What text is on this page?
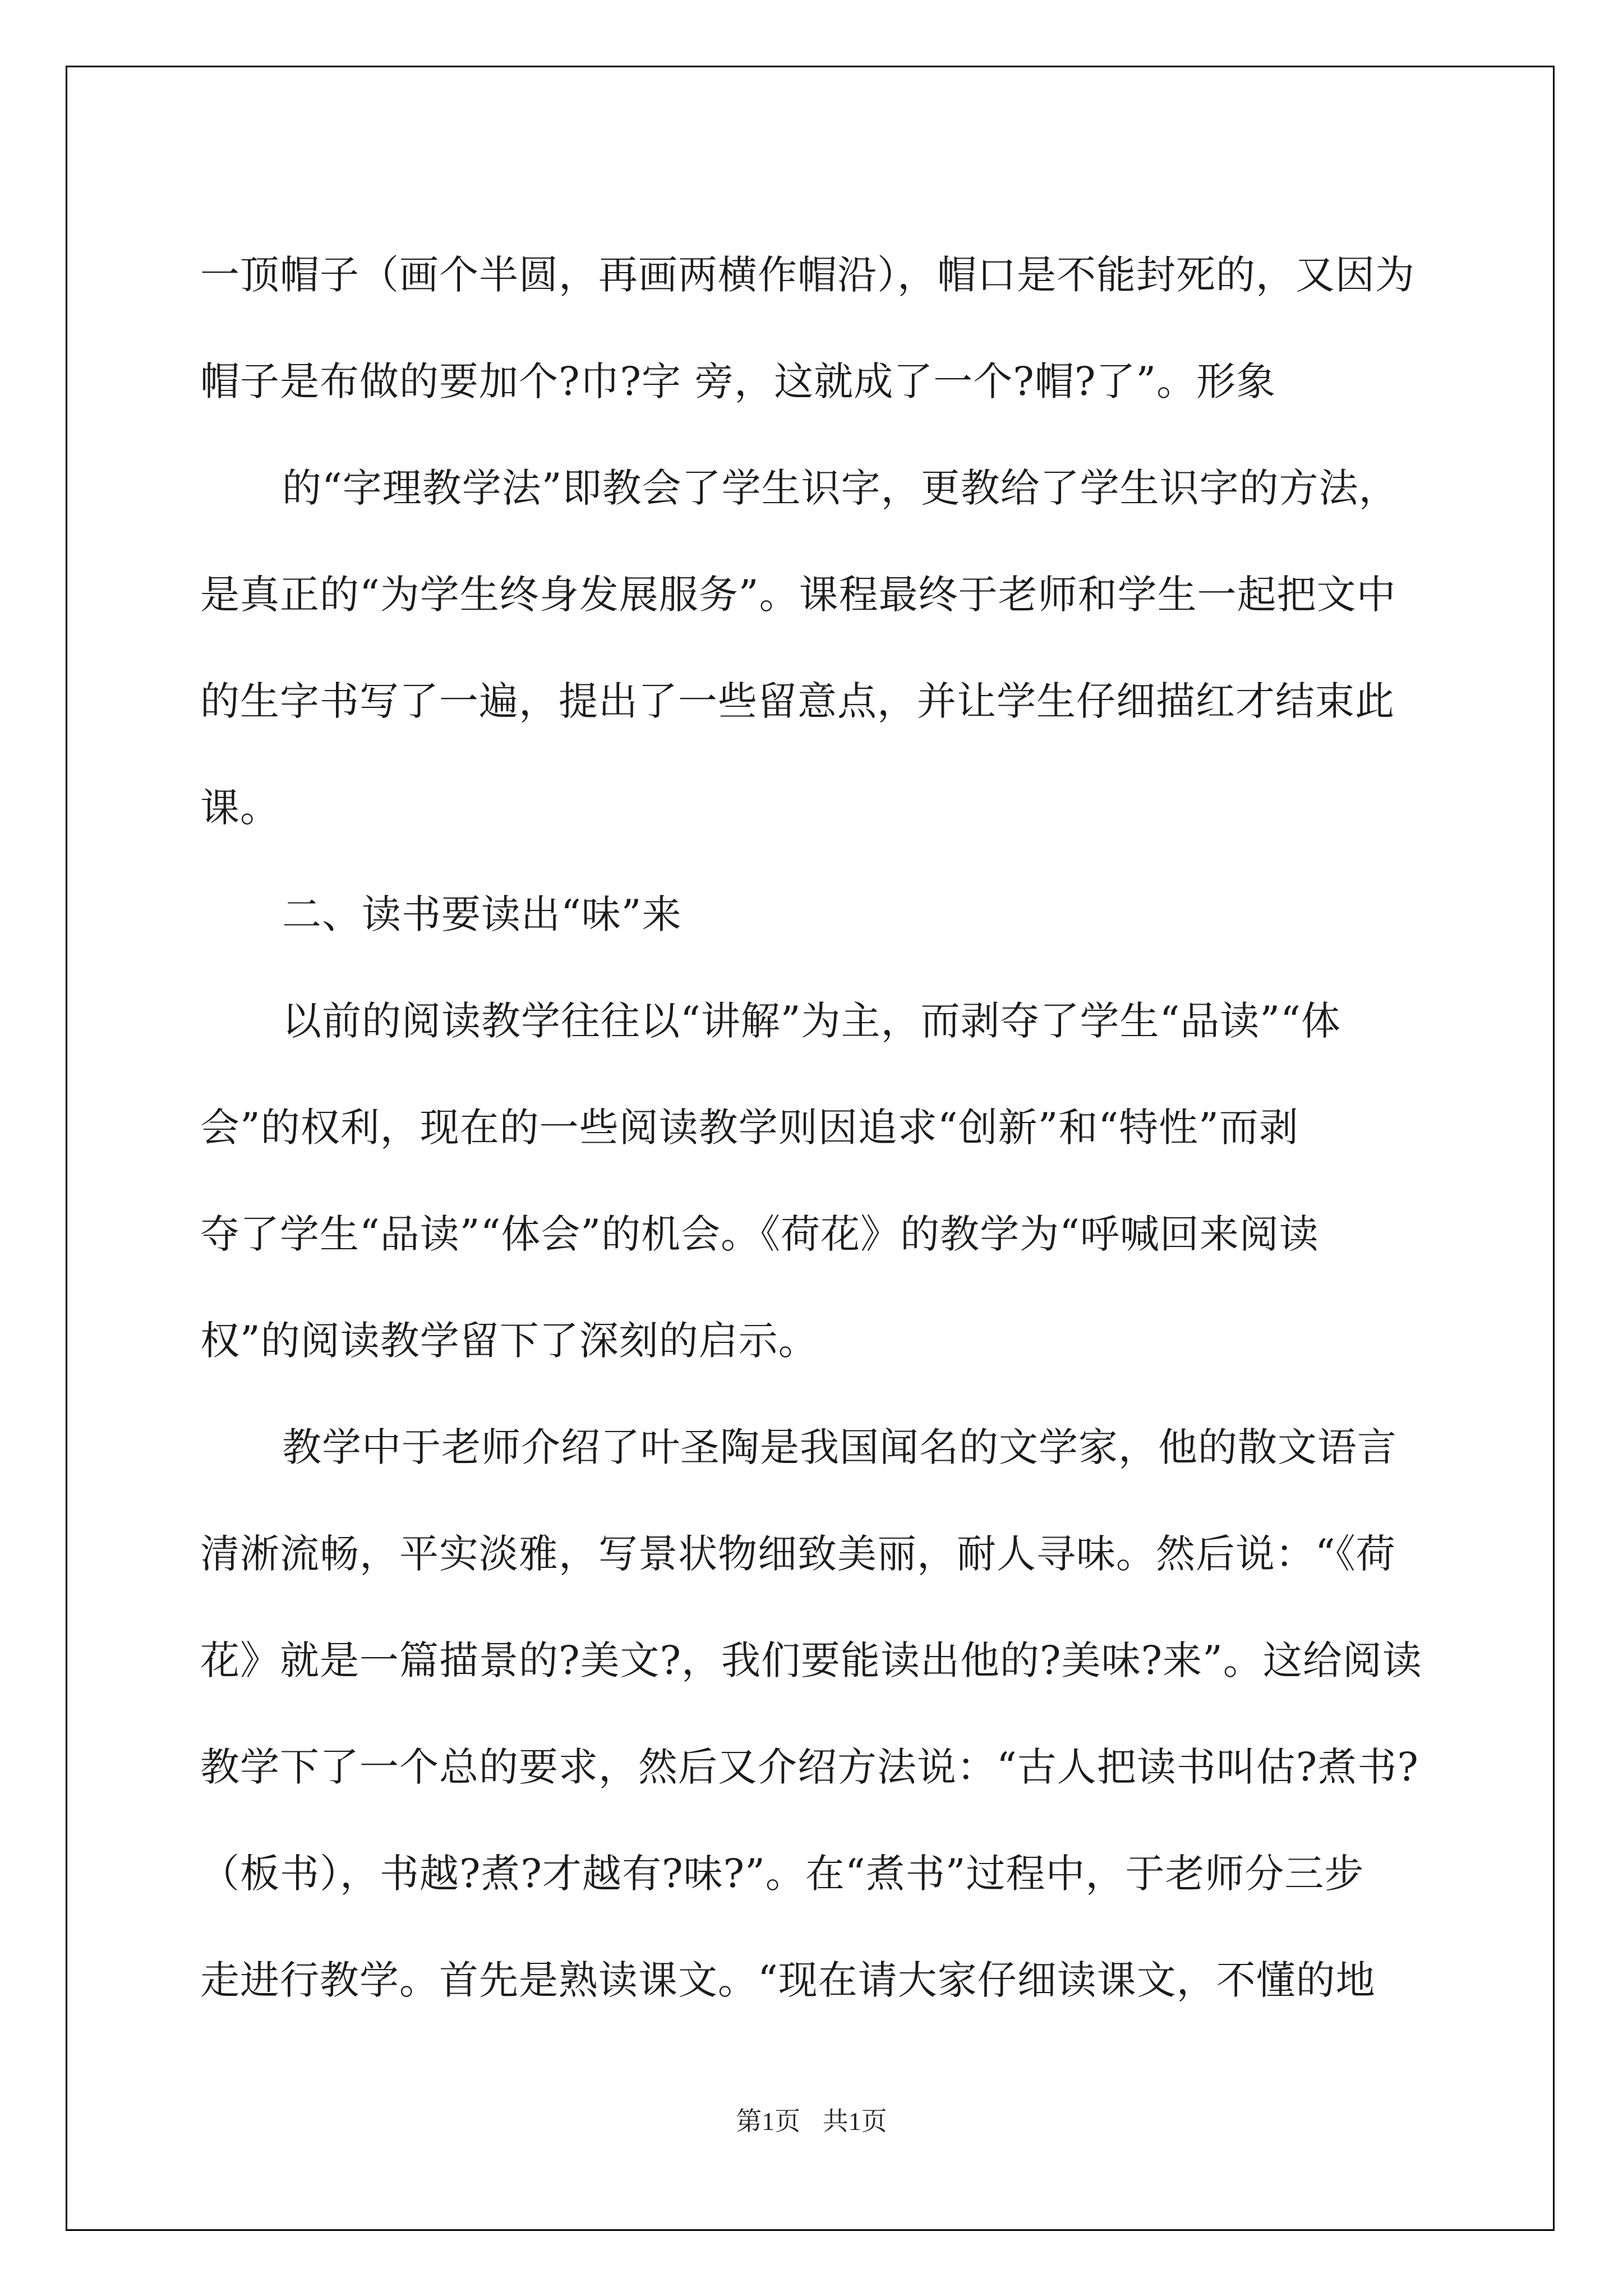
一顶帽子（画个半圆，再画两横作帽沿），帽口是不能封死的，又因为
帽子是布做的要加个?巾?字 旁，这就成了一个?帽?了”。形象
的“字理教学法”即教会了学生识字，更教给了学生识字的方法，
是真正的“为学生终身发展服务”。课程最终于老师和学生一起把文中
的生字书写了一遍，提出了一些留意点，并让学生仔细描红才结束此
课。
二、读书要读出“味”来
以前的阅读教学往往以“讲解”为主，而剥夺了学生“品读”“体
会”的权利，现在的一些阅读教学则因追求“创新”和“特性”而剥
夺了学生“品读”“体会”的机会。《荷花》的教学为“呼喊回来阅读
权”的阅读教学留下了深刻的启示。
教学中于老师介绍了叶圣陶是我国闻名的文学家，他的散文语言
清淅流畅，平实淡雅，写景状物细致美丽，耐人寻味。然后说：“《荷
花》就是一篇描景的?美文?，我们要能读出他的?美味?来”。这给阅读
教学下了一个总的要求，然后又介绍方法说：“古人把读书叫估?煮书?
（板书），书越?煮?才越有?味?”。在“煮书”过程中，于老师分三步
走进行教学。首先是熟读课文。“现在请大家仔细读课文，不懂的地
第1页 共1页
